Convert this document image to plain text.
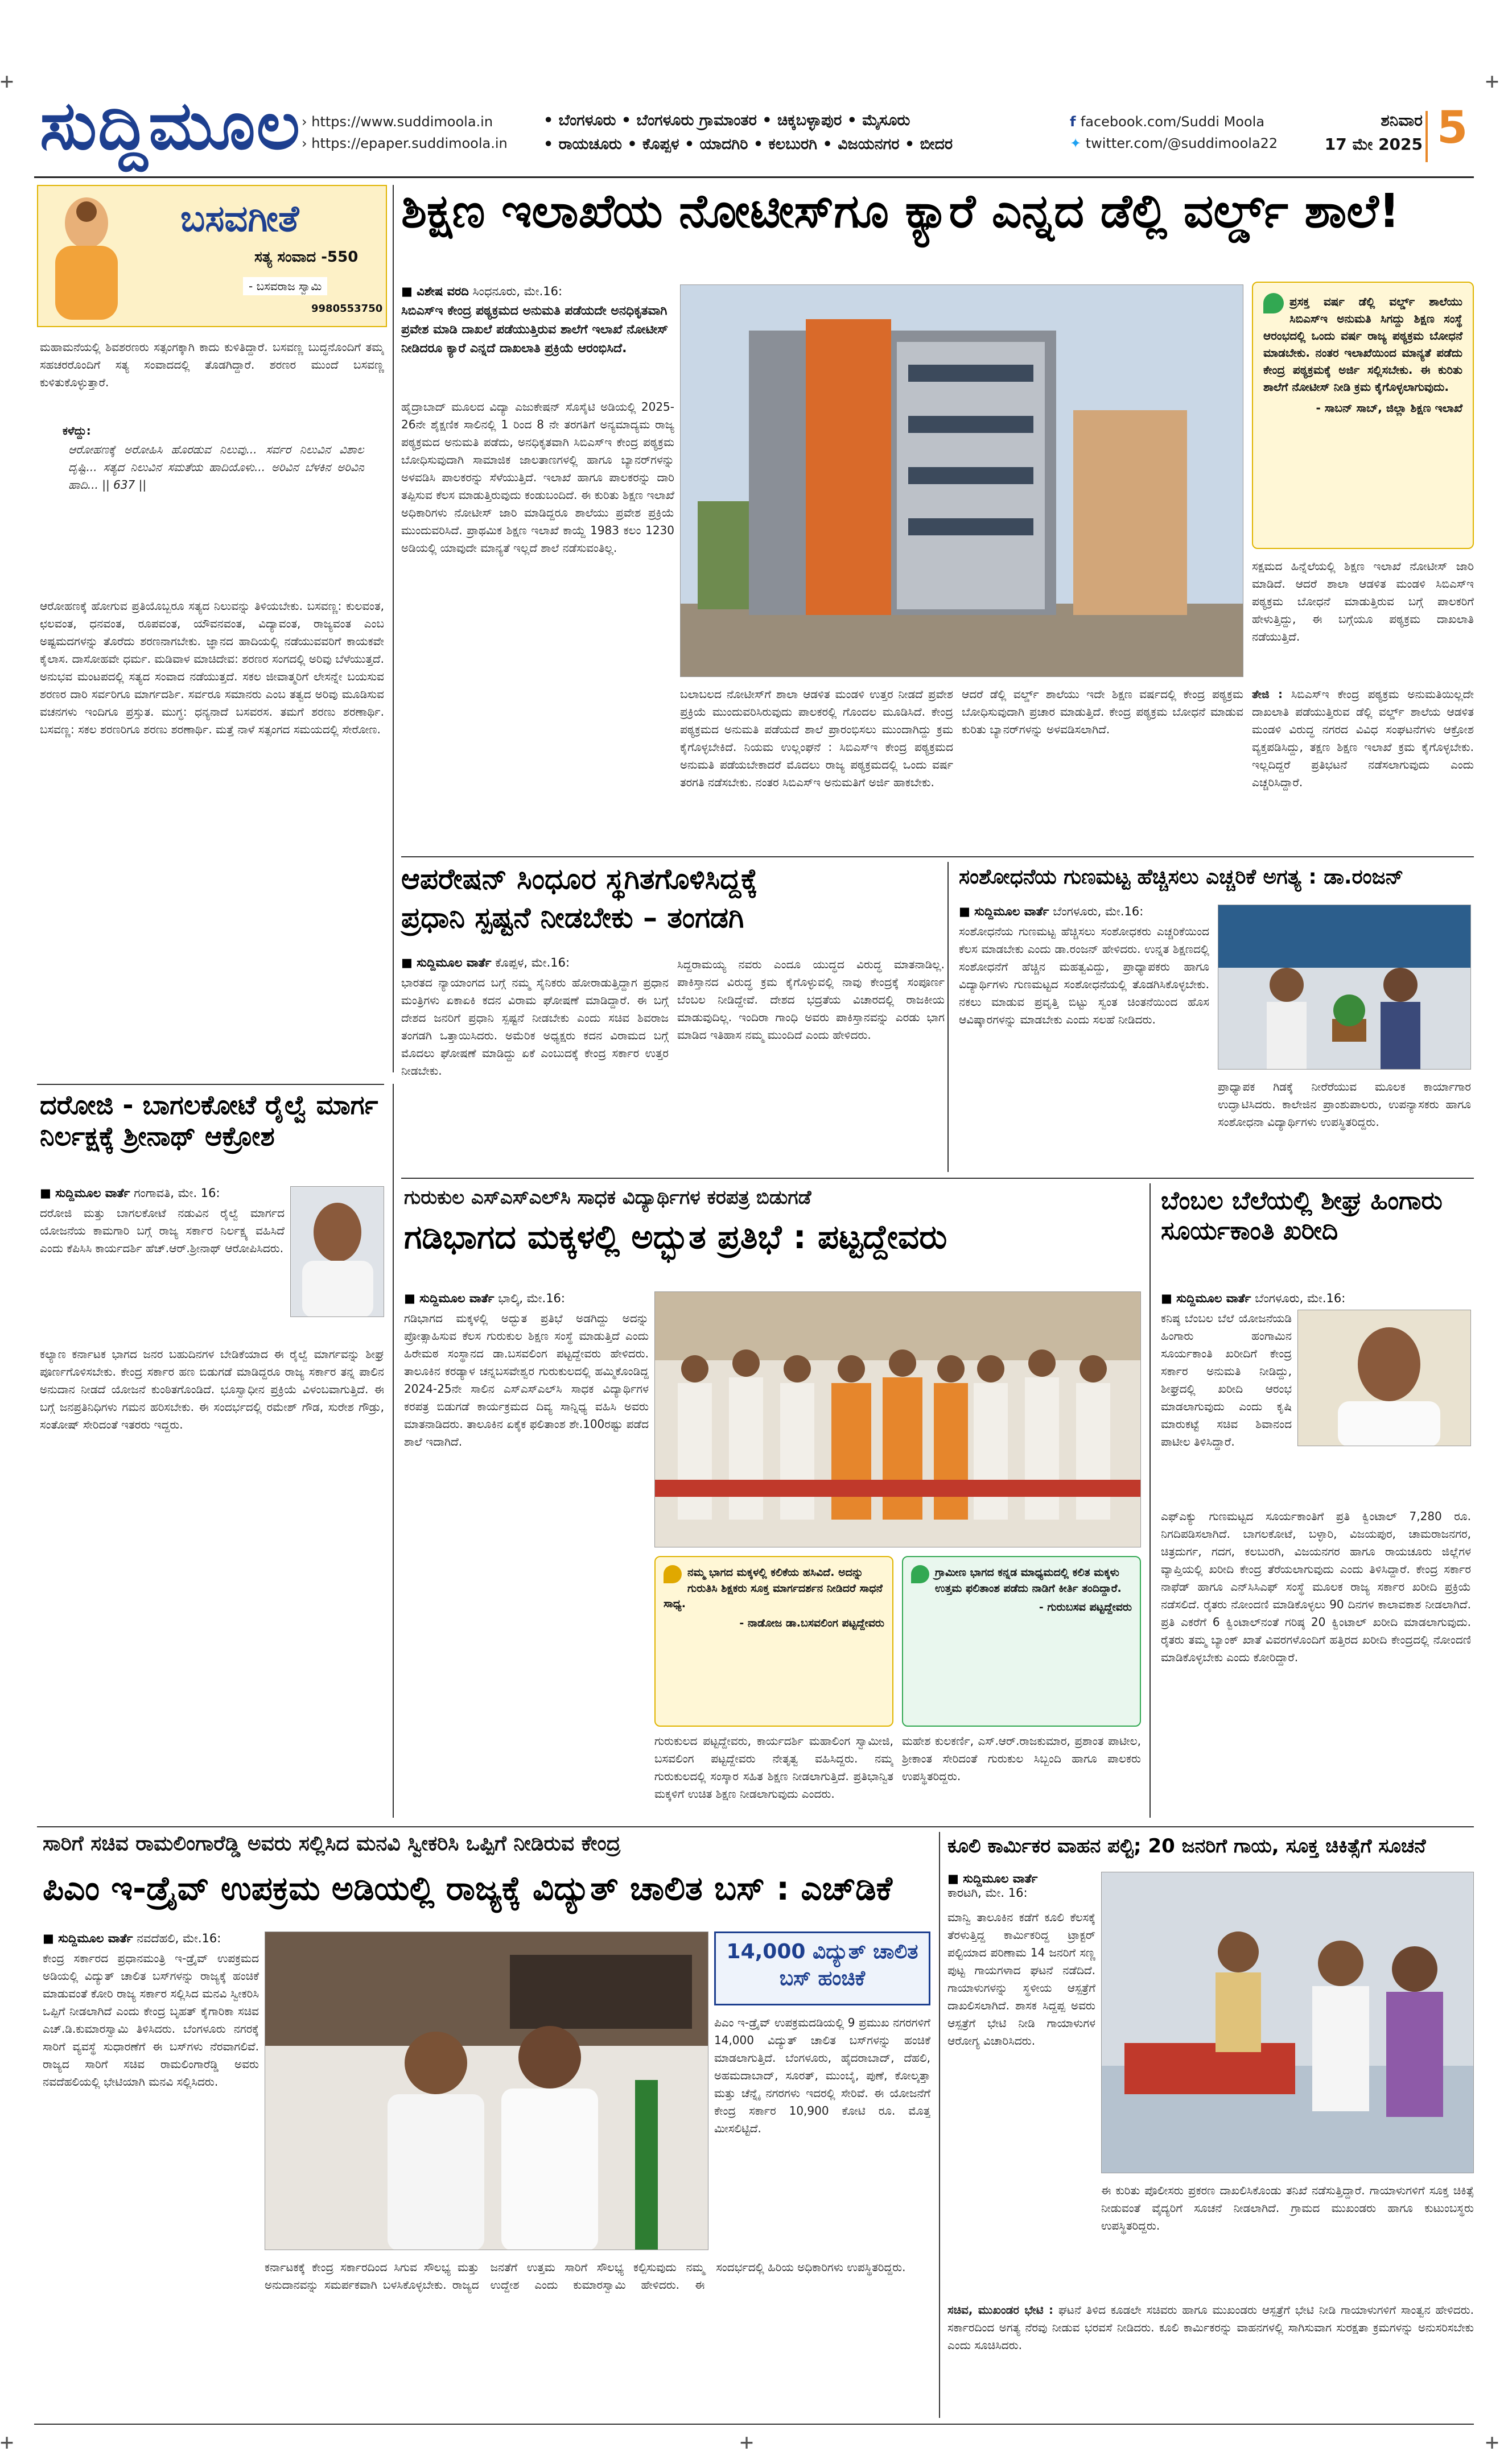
+	+
+	+
+
ಸುದ್ದಿಮೂಲ › https://www.suddimoola.in
› https://epaper.suddimoola.in
• ಬೆಂಗಳೂರು • ಬೆಂಗಳೂರು ಗ್ರಾಮಾಂತರ • ಚಿಕ್ಕಬಳ್ಳಾಪುರ • ಮೈಸೂರು
• ರಾಯಚೂರು • ಕೊಪ್ಪಳ • ಯಾದಗಿರಿ • ಕಲಬುರಗಿ • ವಿಜಯನಗರ • ಬೀದರ
f facebook.com/Suddi Moola
✦ twitter.com/@suddimoola22
ಶನಿವಾರ
17 ಮೇ 2025 5
ಬಸವಗೀತೆ
ಸತ್ಯ ಸಂವಾದ -550
- ಬಸವರಾಜ ಸ್ವಾಮಿ
9980553750
ಮಹಾಮನೆಯಲ್ಲಿ ಶಿವಶರಣರು ಸತ್ಸಂಗಕ್ಕಾಗಿ ಕಾದು ಕುಳಿತಿದ್ದಾರೆ. ಬಸವಣ್ಣ ಬುದ್ಧನೊಂದಿಗೆ ತಮ್ಮ ಸಹಚರರೊಂದಿಗೆ ಸತ್ಯ ಸಂವಾದದಲ್ಲಿ ತೊಡಗಿದ್ದಾರೆ. ಶರಣರ ಮುಂದೆ ಬಸವಣ್ಣ ಕುಳಿತುಕೊಳ್ಳುತ್ತಾರೆ.
ಕಳೆದ್ದು:
ಆರೋಹಣಕ್ಕೆ ಅರೋಹಿಸಿ ಹೊರಡುವ ನಿಲುವು... ಸರ್ವರ ನಿಲುವಿನ ವಿಶಾಲ ದೃಷ್ಟಿ... ಸತ್ಯದ ನಿಲುವಿನ ಸಮತೆಯ ಹಾದಿಯೊಳು... ಅರಿವಿನ ಬೆಳಕಿನ ಅರಿವಿನ ಹಾದಿ... || 637 ||
ಆರೋಹಣಕ್ಕೆ ಹೋಗುವ ಪ್ರತಿಯೊಬ್ಬರೂ ಸತ್ಯದ ನಿಲುವನ್ನು ತಿಳಿಯಬೇಕು. ಬಸವಣ್ಣ: ಕುಲವಂತ, ಛಲವಂತ, ಧನವಂತ, ರೂಪವಂತ, ಯೌವನವಂತ, ವಿದ್ಯಾವಂತ, ರಾಜ್ಯವಂತ ಎಂಬ ಅಷ್ಟಮದಗಳನ್ನು ತೊರೆದು ಶರಣನಾಗಬೇಕು. ಜ್ಞಾನದ ಹಾದಿಯಲ್ಲಿ ನಡೆಯುವವರಿಗೆ ಕಾಯಕವೇ ಕೈಲಾಸ. ದಾಸೋಹವೇ ಧರ್ಮ. ಮಡಿವಾಳ ಮಾಚಿದೇವ: ಶರಣರ ಸಂಗದಲ್ಲಿ ಅರಿವು ಬೆಳೆಯುತ್ತದೆ. ಅನುಭವ ಮಂಟಪದಲ್ಲಿ ಸತ್ಯದ ಸಂವಾದ ನಡೆಯುತ್ತದೆ. ಸಕಲ ಜೀವಾತ್ಮರಿಗೆ ಲೇಸನ್ನೇ ಬಯಸುವ ಶರಣರ ದಾರಿ ಸರ್ವರಿಗೂ ಮಾರ್ಗದರ್ಶಿ. ಸರ್ವರೂ ಸಮಾನರು ಎಂಬ ತತ್ವದ ಅರಿವು ಮೂಡಿಸುವ ವಚನಗಳು ಇಂದಿಗೂ ಪ್ರಸ್ತುತ. ಮುಗ್ಧ: ಧನ್ಯನಾದೆ ಬಸವರಸ. ತಮಗೆ ಶರಣು ಶರಣಾರ್ಥಿ. ಬಸವಣ್ಣ: ಸಕಲ ಶರಣರಿಗೂ ಶರಣು ಶರಣಾರ್ಥಿ. ಮತ್ತೆ ನಾಳೆ ಸತ್ಸಂಗದ ಸಮಯದಲ್ಲಿ ಸೇರೋಣ.
ಶಿಕ್ಷಣ ಇಲಾಖೆಯ ನೋಟೀಸ್‌ಗೂ ಕ್ಯಾರೆ ಎನ್ನದ ಡೆಲ್ಲಿ ವರ್ಲ್ಡ್ ಶಾಲೆ!
■ ವಿಶೇಷ ವರದಿ ಸಿಂಧನೂರು, ಮೇ.16:
ಸಿಬಿಎಸ್‌ಇ ಕೇಂದ್ರ ಪಠ್ಯಕ್ರಮದ ಅನುಮತಿ ಪಡೆಯದೇ ಅನಧಿಕೃತವಾಗಿ ಪ್ರವೇಶ ಮಾಡಿ ದಾಖಲೆ ಪಡೆಯುತ್ತಿರುವ ಶಾಲೆಗೆ ಇಲಾಖೆ ನೋಟೀಸ್ ನೀಡಿದರೂ ಕ್ಯಾರೆ ಎನ್ನದೆ ದಾಖಲಾತಿ ಪ್ರಕ್ರಿಯೆ ಆರಂಭಿಸಿದೆ.
ಹೈದ್ರಾಬಾದ್ ಮೂಲದ ವಿದ್ಯಾ ಎಜುಕೇಷನ್ ಸೊಸೈಟಿ ಅಡಿಯಲ್ಲಿ 2025-26ನೇ ಶೈಕ್ಷಣಿಕ ಸಾಲಿನಲ್ಲಿ 1 ರಿಂದ 8 ನೇ ತರಗತಿಗೆ ಅನ್ಯಮಾದ್ಯಮ ರಾಜ್ಯ ಪಠ್ಯಕ್ರಮದ ಅನುಮತಿ ಪಡೆದು, ಅನಧಿಕೃತವಾಗಿ ಸಿಬಿಎಸ್‌ಇ ಕೇಂದ್ರ ಪಠ್ಯಕ್ರಮ ಬೋಧಿಸುವುದಾಗಿ ಸಾಮಾಜಿಕ ಜಾಲತಾಣಗಳಲ್ಲಿ ಹಾಗೂ ಬ್ಯಾನರ್‌ಗಳನ್ನು ಅಳವಡಿಸಿ ಪಾಲಕರನ್ನು ಸೆಳೆಯುತ್ತಿದೆ. ಇಲಾಖೆ ಹಾಗೂ ಪಾಲಕರನ್ನು ದಾರಿ ತಪ್ಪಿಸುವ ಕೆಲಸ ಮಾಡುತ್ತಿರುವುದು ಕಂಡುಬಂದಿದೆ. ಈ ಕುರಿತು ಶಿಕ್ಷಣ ಇಲಾಖೆ ಅಧಿಕಾರಿಗಳು ನೋಟೀಸ್ ಜಾರಿ ಮಾಡಿದ್ದರೂ ಶಾಲೆಯು ಪ್ರವೇಶ ಪ್ರಕ್ರಿಯೆ ಮುಂದುವರಿಸಿದೆ. ಪ್ರಾಥಮಿಕ ಶಿಕ್ಷಣ ಇಲಾಖೆ ಕಾಯ್ದೆ 1983 ಕಲಂ 1230 ಅಡಿಯಲ್ಲಿ ಯಾವುದೇ ಮಾನ್ಯತೆ ಇಲ್ಲದೆ ಶಾಲೆ ನಡೆಸುವಂತಿಲ್ಲ.
ಬಲಾಬಲದ ನೋಟೀಸ್‌ಗೆ ಶಾಲಾ ಆಡಳಿತ ಮಂಡಳಿ ಉತ್ತರ ನೀಡದೆ ಪ್ರವೇಶ ಪ್ರಕ್ರಿಯೆ ಮುಂದುವರಿಸಿರುವುದು ಪಾಲಕರಲ್ಲಿ ಗೊಂದಲ ಮೂಡಿಸಿದೆ. ಕೇಂದ್ರ ಪಠ್ಯಕ್ರಮದ ಅನುಮತಿ ಪಡೆಯದೆ ಶಾಲೆ ಪ್ರಾರಂಭಿಸಲು ಮುಂದಾಗಿದ್ದು ಕ್ರಮ ಕೈಗೊಳ್ಳಬೇಕಿದೆ. ನಿಯಮ ಉಲ್ಲಂಘನೆ : ಸಿಬಿಎಸ್‌ಇ ಕೇಂದ್ರ ಪಠ್ಯಕ್ರಮದ ಅನುಮತಿ ಪಡೆಯಬೇಕಾದರೆ ಮೊದಲು ರಾಜ್ಯ ಪಠ್ಯಕ್ರಮದಲ್ಲಿ ಒಂದು ವರ್ಷ ತರಗತಿ ನಡೆಸಬೇಕು. ನಂತರ ಸಿಬಿಎಸ್‌ಇ ಅನುಮತಿಗೆ ಅರ್ಜಿ ಹಾಕಬೇಕು.
ಆದರೆ ಡೆಲ್ಲಿ ವರ್ಲ್ಡ್ ಶಾಲೆಯು ಇದೇ ಶಿಕ್ಷಣ ವರ್ಷದಲ್ಲಿ ಕೇಂದ್ರ ಪಠ್ಯಕ್ರಮ ಬೋಧಿಸುವುದಾಗಿ ಪ್ರಚಾರ ಮಾಡುತ್ತಿದೆ. ಕೇಂದ್ರ ಪಠ್ಯಕ್ರಮ ಬೋಧನೆ ಮಾಡುವ ಕುರಿತು ಬ್ಯಾನರ್‌ಗಳನ್ನು ಅಳವಡಿಸಲಾಗಿದೆ.
ಪ್ರಸಕ್ತ ವರ್ಷ ಡೆಲ್ಲಿ ವರ್ಲ್ಡ್ ಶಾಲೆಯು ಸಿಬಿಎಸ್‌ಇ ಅನುಮತಿ ಸಿಗದ್ದು ಶಿಕ್ಷಣ ಸಂಸ್ಥೆ ಆರಂಭದಲ್ಲಿ ಒಂದು ವರ್ಷ ರಾಜ್ಯ ಪಠ್ಯಕ್ರಮ ಬೋಧನೆ ಮಾಡಬೇಕು. ನಂತರ ಇಲಾಖೆಯಿಂದ ಮಾನ್ಯತೆ ಪಡೆದು ಕೇಂದ್ರ ಪಠ್ಯಕ್ರಮಕ್ಕೆ ಅರ್ಜಿ ಸಲ್ಲಿಸಬೇಕು. ಈ ಕುರಿತು ಶಾಲೆಗೆ ನೋಟೀಸ್ ನೀಡಿ ಕ್ರಮ ಕೈಗೊಳ್ಳಲಾಗುವುದು.
- ಸಾಬನ್ ಸಾಬ್, ಜಿಲ್ಲಾ ಶಿಕ್ಷಣ ಇಲಾಖೆ
ಸಕ್ಷಮದ ಹಿನ್ನೆಲೆಯಲ್ಲಿ ಶಿಕ್ಷಣ ಇಲಾಖೆ ನೋಟೀಸ್ ಜಾರಿ ಮಾಡಿದೆ. ಆದರೆ ಶಾಲಾ ಆಡಳಿತ ಮಂಡಳಿ ಸಿಬಿಎಸ್‌ಇ ಪಠ್ಯಕ್ರಮ ಬೋಧನೆ ಮಾಡುತ್ತಿರುವ ಬಗ್ಗೆ ಪಾಲಕರಿಗೆ ಹೇಳುತ್ತಿದ್ದು, ಈ ಬಗ್ಗೆಯೂ ಪಠ್ಯಕ್ರಮ ದಾಖಲಾತಿ ನಡೆಯುತ್ತಿದೆ.
ತೇಜಿ : ಸಿಬಿಎಸ್‌ಇ ಕೇಂದ್ರ ಪಠ್ಯಕ್ರಮ ಅನುಮತಿಯಿಲ್ಲದೇ ದಾಖಲಾತಿ ಪಡೆಯುತ್ತಿರುವ ಡೆಲ್ಲಿ ವರ್ಲ್ಡ್ ಶಾಲೆಯ ಆಡಳಿತ ಮಂಡಳಿ ವಿರುದ್ಧ ನಗರದ ವಿವಿಧ ಸಂಘಟನೆಗಳು ಆಕ್ರೋಶ ವ್ಯಕ್ತಪಡಿಸಿದ್ದು, ತಕ್ಷಣ ಶಿಕ್ಷಣ ಇಲಾಖೆ ಕ್ರಮ ಕೈಗೊಳ್ಳಬೇಕು. ಇಲ್ಲದಿದ್ದರೆ ಪ್ರತಿಭಟನೆ ನಡೆಸಲಾಗುವುದು ಎಂದು ಎಚ್ಚರಿಸಿದ್ದಾರೆ.
ಆಪರೇಷನ್ ಸಿಂಧೂರ ಸ್ಥಗಿತಗೊಳಿಸಿದ್ದಕ್ಕೆ
ಪ್ರಧಾನಿ ಸ್ಪಷ್ಟನೆ ನೀಡಬೇಕು – ತಂಗಡಗಿ
■ ಸುದ್ದಿಮೂಲ ವಾರ್ತೆ ಕೊಪ್ಪಳ, ಮೇ.16:
ಭಾರತದ ನ್ಯಾಯಾಂಗದ ಬಗ್ಗೆ ನಮ್ಮ ಸೈನಿಕರು ಹೋರಾಡುತ್ತಿದ್ದಾಗ ಪ್ರಧಾನ ಮಂತ್ರಿಗಳು ಏಕಾಏಕಿ ಕದನ ವಿರಾಮ ಘೋಷಣೆ ಮಾಡಿದ್ದಾರೆ. ಈ ಬಗ್ಗೆ ದೇಶದ ಜನರಿಗೆ ಪ್ರಧಾನಿ ಸ್ಪಷ್ಟನೆ ನೀಡಬೇಕು ಎಂದು ಸಚಿವ ಶಿವರಾಜ ತಂಗಡಗಿ ಒತ್ತಾಯಿಸಿದರು. ಅಮೆರಿಕ ಅಧ್ಯಕ್ಷರು ಕದನ ವಿರಾಮದ ಬಗ್ಗೆ ಮೊದಲು ಘೋಷಣೆ ಮಾಡಿದ್ದು ಏಕೆ ಎಂಬುದಕ್ಕೆ ಕೇಂದ್ರ ಸರ್ಕಾರ ಉತ್ತರ ನೀಡಬೇಕು.
ಸಿದ್ದರಾಮಯ್ಯ ನವರು ಎಂದೂ ಯುದ್ಧದ ವಿರುದ್ಧ ಮಾತನಾಡಿಲ್ಲ. ಪಾಕಿಸ್ತಾನದ ವಿರುದ್ಧ ಕ್ರಮ ಕೈಗೊಳ್ಳುವಲ್ಲಿ ನಾವು ಕೇಂದ್ರಕ್ಕೆ ಸಂಪೂರ್ಣ ಬೆಂಬಲ ನೀಡಿದ್ದೇವೆ. ದೇಶದ ಭದ್ರತೆಯ ವಿಚಾರದಲ್ಲಿ ರಾಜಕೀಯ ಮಾಡುವುದಿಲ್ಲ. ಇಂದಿರಾ ಗಾಂಧಿ ಅವರು ಪಾಕಿಸ್ತಾನವನ್ನು ಎರಡು ಭಾಗ ಮಾಡಿದ ಇತಿಹಾಸ ನಮ್ಮ ಮುಂದಿದೆ ಎಂದು ಹೇಳಿದರು.
ಸಂಶೋಧನೆಯ ಗುಣಮಟ್ಟ ಹೆಚ್ಚಿಸಲು ಎಚ್ಚರಿಕೆ ಅಗತ್ಯ : ಡಾ.ರಂಜನ್
■ ಸುದ್ದಿಮೂಲ ವಾರ್ತೆ ಬೆಂಗಳೂರು, ಮೇ.16:
ಸಂಶೋಧನೆಯ ಗುಣಮಟ್ಟ ಹೆಚ್ಚಿಸಲು ಸಂಶೋಧಕರು ಎಚ್ಚರಿಕೆಯಿಂದ ಕೆಲಸ ಮಾಡಬೇಕು ಎಂದು ಡಾ.ರಂಜನ್ ಹೇಳಿದರು. ಉನ್ನತ ಶಿಕ್ಷಣದಲ್ಲಿ ಸಂಶೋಧನೆಗೆ ಹೆಚ್ಚಿನ ಮಹತ್ವವಿದ್ದು, ಪ್ರಾಧ್ಯಾಪಕರು ಹಾಗೂ ವಿದ್ಯಾರ್ಥಿಗಳು ಗುಣಮಟ್ಟದ ಸಂಶೋಧನೆಯಲ್ಲಿ ತೊಡಗಿಸಿಕೊಳ್ಳಬೇಕು. ನಕಲು ಮಾಡುವ ಪ್ರವೃತ್ತಿ ಬಿಟ್ಟು ಸ್ವಂತ ಚಿಂತನೆಯಿಂದ ಹೊಸ ಆವಿಷ್ಕಾರಗಳನ್ನು ಮಾಡಬೇಕು ಎಂದು ಸಲಹೆ ನೀಡಿದರು.
ಪ್ರಾಧ್ಯಾಪಕ ಗಿಡಕ್ಕೆ ನೀರೆರೆಯುವ ಮೂಲಕ ಕಾರ್ಯಾಗಾರ ಉದ್ಘಾಟಿಸಿದರು. ಕಾಲೇಜಿನ ಪ್ರಾಂಶುಪಾಲರು, ಉಪನ್ಯಾಸಕರು ಹಾಗೂ ಸಂಶೋಧನಾ ವಿದ್ಯಾರ್ಥಿಗಳು ಉಪಸ್ಥಿತರಿದ್ದರು.
ದರೋಜಿ - ಬಾಗಲಕೋಟೆ ರೈಲ್ವೆ ಮಾರ್ಗ ನಿರ್ಲಕ್ಷಕ್ಕೆ ಶ್ರೀನಾಥ್ ಆಕ್ರೋಶ
■ ಸುದ್ದಿಮೂಲ ವಾರ್ತೆ ಗಂಗಾವತಿ, ಮೇ. 16:
ದರೋಜಿ ಮತ್ತು ಬಾಗಲಕೋಟೆ ನಡುವಿನ ರೈಲ್ವೆ ಮಾರ್ಗದ ಯೋಜನೆಯ ಕಾಮಗಾರಿ ಬಗ್ಗೆ ರಾಜ್ಯ ಸರ್ಕಾರ ನಿರ್ಲಕ್ಷ್ಯ ವಹಿಸಿದೆ ಎಂದು ಕೆಪಿಸಿಸಿ ಕಾರ್ಯದರ್ಶಿ ಹೆಚ್.ಆರ್.ಶ್ರೀನಾಥ್ ಆರೋಪಿಸಿದರು.
ಕಲ್ಯಾಣ ಕರ್ನಾಟಕ ಭಾಗದ ಜನರ ಬಹುದಿನಗಳ ಬೇಡಿಕೆಯಾದ ಈ ರೈಲ್ವೆ ಮಾರ್ಗವನ್ನು ಶೀಘ್ರ ಪೂರ್ಣಗೊಳಿಸಬೇಕು. ಕೇಂದ್ರ ಸರ್ಕಾರ ಹಣ ಬಿಡುಗಡೆ ಮಾಡಿದ್ದರೂ ರಾಜ್ಯ ಸರ್ಕಾರ ತನ್ನ ಪಾಲಿನ ಅನುದಾನ ನೀಡದೆ ಯೋಜನೆ ಕುಂಠಿತಗೊಂಡಿದೆ. ಭೂಸ್ವಾಧೀನ ಪ್ರಕ್ರಿಯೆ ವಿಳಂಬವಾಗುತ್ತಿದೆ. ಈ ಬಗ್ಗೆ ಜನಪ್ರತಿನಿಧಿಗಳು ಗಮನ ಹರಿಸಬೇಕು. ಈ ಸಂದರ್ಭದಲ್ಲಿ ರಮೇಶ್ ಗೌಡ, ಸುರೇಶ ಗೌಡ್ರು, ಸಂತೋಷ್ ಸೇರಿದಂತೆ ಇತರರು ಇದ್ದರು.
ಗುರುಕುಲ ಎಸ್‌ಎಸ್‌ಎಲ್‌ಸಿ ಸಾಧಕ ವಿದ್ಯಾರ್ಥಿಗಳ ಕರಪತ್ರ ಬಿಡುಗಡೆ
ಗಡಿಭಾಗದ ಮಕ್ಕಳಲ್ಲಿ ಅದ್ಭುತ ಪ್ರತಿಭೆ : ಪಟ್ಟದ್ದೇವರು
■ ಸುದ್ದಿಮೂಲ ವಾರ್ತೆ ಭಾಲ್ಕಿ, ಮೇ.16:
ಗಡಿಭಾಗದ ಮಕ್ಕಳಲ್ಲಿ ಅದ್ಭುತ ಪ್ರತಿಭೆ ಅಡಗಿದ್ದು ಅದನ್ನು ಪ್ರೋತ್ಸಾಹಿಸುವ ಕೆಲಸ ಗುರುಕುಲ ಶಿಕ್ಷಣ ಸಂಸ್ಥೆ ಮಾಡುತ್ತಿದೆ ಎಂದು ಹಿರೇಮಠ ಸಂಸ್ಥಾನದ ಡಾ.ಬಸವಲಿಂಗ ಪಟ್ಟದ್ದೇವರು ಹೇಳಿದರು. ತಾಲೂಕಿನ ಕರಡ್ಯಾಳ ಚನ್ನಬಸವೇಶ್ವರ ಗುರುಕುಲದಲ್ಲಿ ಹಮ್ಮಿಕೊಂಡಿದ್ದ 2024-25ನೇ ಸಾಲಿನ ಎಸ್‌ಎಸ್‌ಎಲ್‌ಸಿ ಸಾಧಕ ವಿದ್ಯಾರ್ಥಿಗಳ ಕರಪತ್ರ ಬಿಡುಗಡೆ ಕಾರ್ಯಕ್ರಮದ ದಿವ್ಯ ಸಾನ್ನಿಧ್ಯ ವಹಿಸಿ ಅವರು ಮಾತನಾಡಿದರು. ತಾಲೂಕಿನ ಏಕೈಕ ಫಲಿತಾಂಶ ಶೇ.100ರಷ್ಟು ಪಡೆದ ಶಾಲೆ ಇದಾಗಿದೆ.
ನಮ್ಮ ಭಾಗದ ಮಕ್ಕಳಲ್ಲಿ ಕಲಿಕೆಯ ಹಸಿವಿದೆ. ಅದನ್ನು ಗುರುತಿಸಿ ಶಿಕ್ಷಕರು ಸೂಕ್ತ ಮಾರ್ಗದರ್ಶನ ನೀಡಿದರೆ ಸಾಧನೆ ಸಾಧ್ಯ.
- ನಾಡೋಜ ಡಾ.ಬಸವಲಿಂಗ ಪಟ್ಟದ್ದೇವರು
ಗ್ರಾಮೀಣ ಭಾಗದ ಕನ್ನಡ ಮಾಧ್ಯಮದಲ್ಲಿ ಕಲಿತ ಮಕ್ಕಳು ಉತ್ತಮ ಫಲಿತಾಂಶ ಪಡೆದು ನಾಡಿಗೆ ಕೀರ್ತಿ ತಂದಿದ್ದಾರೆ.
- ಗುರುಬಸವ ಪಟ್ಟದ್ದೇವರು
ಗುರುಕುಲದ ಪಟ್ಟದ್ದೇವರು, ಕಾರ್ಯದರ್ಶಿ ಮಹಾಲಿಂಗ ಸ್ವಾಮೀಜಿ, ಬಸವಲಿಂಗ ಪಟ್ಟದ್ದೇವರು ನೇತೃತ್ವ ವಹಿಸಿದ್ದರು. ನಮ್ಮ ಗುರುಕುಲದಲ್ಲಿ ಸಂಸ್ಕಾರ ಸಹಿತ ಶಿಕ್ಷಣ ನೀಡಲಾಗುತ್ತಿದೆ. ಪ್ರತಿಭಾನ್ವಿತ ಮಕ್ಕಳಿಗೆ ಉಚಿತ ಶಿಕ್ಷಣ ನೀಡಲಾಗುವುದು ಎಂದರು.
ಮಹೇಶ ಕುಲಕರ್ಣಿ, ಎಸ್.ಆರ್.ರಾಜಕುಮಾರ, ಪ್ರಶಾಂತ ಪಾಟೀಲ, ಶ್ರೀಕಾಂತ ಸೇರಿದಂತೆ ಗುರುಕುಲ ಸಿಬ್ಬಂದಿ ಹಾಗೂ ಪಾಲಕರು ಉಪಸ್ಥಿತರಿದ್ದರು.
ಬೆಂಬಲ ಬೆಲೆಯಲ್ಲಿ ಶೀಘ್ರ ಹಿಂಗಾರು ಸೂರ್ಯಕಾಂತಿ ಖರೀದಿ
■ ಸುದ್ದಿಮೂಲ ವಾರ್ತೆ ಬೆಂಗಳೂರು, ಮೇ.16:
ಕನಿಷ್ಠ ಬೆಂಬಲ ಬೆಲೆ ಯೋಜನೆಯಡಿ ಹಿಂಗಾರು ಹಂಗಾಮಿನ ಸೂರ್ಯಕಾಂತಿ ಖರೀದಿಗೆ ಕೇಂದ್ರ ಸರ್ಕಾರ ಅನುಮತಿ ನೀಡಿದ್ದು, ಶೀಘ್ರದಲ್ಲಿ ಖರೀದಿ ಆರಂಭ ಮಾಡಲಾಗುವುದು ಎಂದು ಕೃಷಿ ಮಾರುಕಟ್ಟೆ ಸಚಿವ ಶಿವಾನಂದ ಪಾಟೀಲ ತಿಳಿಸಿದ್ದಾರೆ.
ಎಫ್‌ಎಕ್ಯು ಗುಣಮಟ್ಟದ ಸೂರ್ಯಕಾಂತಿಗೆ ಪ್ರತಿ ಕ್ವಿಂಟಾಲ್ 7,280 ರೂ. ನಿಗದಿಪಡಿಸಲಾಗಿದೆ. ಬಾಗಲಕೋಟೆ, ಬಳ್ಳಾರಿ, ವಿಜಯಪುರ, ಚಾಮರಾಜನಗರ, ಚಿತ್ರದುರ್ಗ, ಗದಗ, ಕಲಬುರಗಿ, ವಿಜಯನಗರ ಹಾಗೂ ರಾಯಚೂರು ಜಿಲ್ಲೆಗಳ ವ್ಯಾಪ್ತಿಯಲ್ಲಿ ಖರೀದಿ ಕೇಂದ್ರ ತೆರೆಯಲಾಗುವುದು ಎಂದು ತಿಳಿಸಿದ್ದಾರೆ. ಕೇಂದ್ರ ಸರ್ಕಾರ ನಾಫೆಡ್ ಹಾಗೂ ಎನ್‌ಸಿಸಿಎಫ್ ಸಂಸ್ಥೆ ಮೂಲಕ ರಾಜ್ಯ ಸರ್ಕಾರ ಖರೀದಿ ಪ್ರಕ್ರಿಯೆ ನಡೆಸಲಿದೆ. ರೈತರು ನೋಂದಣಿ ಮಾಡಿಕೊಳ್ಳಲು 90 ದಿನಗಳ ಕಾಲಾವಕಾಶ ನೀಡಲಾಗಿದೆ. ಪ್ರತಿ ಎಕರೆಗೆ 6 ಕ್ವಿಂಟಾಲ್‌ನಂತೆ ಗರಿಷ್ಠ 20 ಕ್ವಿಂಟಾಲ್ ಖರೀದಿ ಮಾಡಲಾಗುವುದು. ರೈತರು ತಮ್ಮ ಬ್ಯಾಂಕ್ ಖಾತೆ ವಿವರಗಳೊಂದಿಗೆ ಹತ್ತಿರದ ಖರೀದಿ ಕೇಂದ್ರದಲ್ಲಿ ನೋಂದಣಿ ಮಾಡಿಕೊಳ್ಳಬೇಕು ಎಂದು ಕೋರಿದ್ದಾರೆ.
ಸಾರಿಗೆ ಸಚಿವ ರಾಮಲಿಂಗಾರೆಡ್ಡಿ ಅವರು ಸಲ್ಲಿಸಿದ ಮನವಿ ಸ್ವೀಕರಿಸಿ ಒಪ್ಪಿಗೆ ನೀಡಿರುವ ಕೇಂದ್ರ
ಪಿಎಂ ಇ-ಡ್ರೈವ್ ಉಪಕ್ರಮ ಅಡಿಯಲ್ಲಿ ರಾಜ್ಯಕ್ಕೆ ವಿದ್ಯುತ್ ಚಾಲಿತ ಬಸ್ : ಎಚ್‌ಡಿಕೆ
■ ಸುದ್ದಿಮೂಲ ವಾರ್ತೆ ನವದೆಹಲಿ, ಮೇ.16:
ಕೇಂದ್ರ ಸರ್ಕಾರದ ಪ್ರಧಾನಮಂತ್ರಿ ಇ-ಡ್ರೈವ್ ಉಪಕ್ರಮದ ಅಡಿಯಲ್ಲಿ ವಿದ್ಯುತ್ ಚಾಲಿತ ಬಸ್‌ಗಳನ್ನು ರಾಜ್ಯಕ್ಕೆ ಹಂಚಿಕೆ ಮಾಡುವಂತೆ ಕೋರಿ ರಾಜ್ಯ ಸರ್ಕಾರ ಸಲ್ಲಿಸಿದ ಮನವಿ ಸ್ವೀಕರಿಸಿ ಒಪ್ಪಿಗೆ ನೀಡಲಾಗಿದೆ ಎಂದು ಕೇಂದ್ರ ಬೃಹತ್ ಕೈಗಾರಿಕಾ ಸಚಿವ ಎಚ್.ಡಿ.ಕುಮಾರಸ್ವಾಮಿ ತಿಳಿಸಿದರು. ಬೆಂಗಳೂರು ನಗರಕ್ಕೆ ಸಾರಿಗೆ ವ್ಯವಸ್ಥೆ ಸುಧಾರಣೆಗೆ ಈ ಬಸ್‌ಗಳು ನೆರವಾಗಲಿವೆ. ರಾಜ್ಯದ ಸಾರಿಗೆ ಸಚಿವ ರಾಮಲಿಂಗಾರೆಡ್ಡಿ ಅವರು ನವದೆಹಲಿಯಲ್ಲಿ ಭೇಟಿಯಾಗಿ ಮನವಿ ಸಲ್ಲಿಸಿದರು.
14,000 ವಿದ್ಯುತ್ ಚಾಲಿತ ಬಸ್ ಹಂಚಿಕೆ
ಪಿಎಂ ಇ-ಡ್ರೈವ್ ಉಪಕ್ರಮದಡಿಯಲ್ಲಿ 9 ಪ್ರಮುಖ ನಗರಗಳಿಗೆ 14,000 ವಿದ್ಯುತ್ ಚಾಲಿತ ಬಸ್‌ಗಳನ್ನು ಹಂಚಿಕೆ ಮಾಡಲಾಗುತ್ತಿದೆ. ಬೆಂಗಳೂರು, ಹೈದರಾಬಾದ್, ದೆಹಲಿ, ಅಹಮದಾಬಾದ್, ಸೂರತ್, ಮುಂಬೈ, ಪುಣೆ, ಕೋಲ್ಕತ್ತಾ ಮತ್ತು ಚೆನ್ನೈ ನಗರಗಳು ಇದರಲ್ಲಿ ಸೇರಿವೆ. ಈ ಯೋಜನೆಗೆ ಕೇಂದ್ರ ಸರ್ಕಾರ 10,900 ಕೋಟಿ ರೂ. ಮೊತ್ತ ಮೀಸಲಿಟ್ಟಿದೆ.
ಕರ್ನಾಟಕಕ್ಕೆ ಕೇಂದ್ರ ಸರ್ಕಾರದಿಂದ ಸಿಗುವ ಸೌಲಭ್ಯ ಮತ್ತು ಅನುದಾನವನ್ನು ಸಮರ್ಪಕವಾಗಿ ಬಳಸಿಕೊಳ್ಳಬೇಕು. ರಾಜ್ಯದ ಜನತೆಗೆ ಉತ್ತಮ ಸಾರಿಗೆ ಸೌಲಭ್ಯ ಕಲ್ಪಿಸುವುದು ನಮ್ಮ ಉದ್ದೇಶ ಎಂದು ಕುಮಾರಸ್ವಾಮಿ ಹೇಳಿದರು. ಈ ಸಂದರ್ಭದಲ್ಲಿ ಹಿರಿಯ ಅಧಿಕಾರಿಗಳು ಉಪಸ್ಥಿತರಿದ್ದರು.
ಕೂಲಿ ಕಾರ್ಮಿಕರ ವಾಹನ ಪಲ್ಟಿ; 20 ಜನರಿಗೆ ಗಾಯ, ಸೂಕ್ತ ಚಿಕಿತ್ಸೆಗೆ ಸೂಚನೆ
■ ಸುದ್ದಿಮೂಲ ವಾರ್ತೆ
ಕಾರಟಗಿ, ಮೇ. 16:
ಮಾನ್ವಿ ತಾಲೂಕಿನ ಕಡೆಗೆ ಕೂಲಿ ಕೆಲಸಕ್ಕೆ ತೆರಳುತ್ತಿದ್ದ ಕಾರ್ಮಿಕರಿದ್ದ ಟ್ರಾಕ್ಟರ್ ಪಲ್ಟಿಯಾದ ಪರಿಣಾಮ 14 ಜನರಿಗೆ ಸಣ್ಣ ಪುಟ್ಟ ಗಾಯಗಳಾದ ಘಟನೆ ನಡೆದಿದೆ. ಗಾಯಾಳುಗಳನ್ನು ಸ್ಥಳೀಯ ಆಸ್ಪತ್ರೆಗೆ ದಾಖಲಿಸಲಾಗಿದೆ. ಶಾಸಕ ಸಿದ್ದಪ್ಪ ಅವರು ಆಸ್ಪತ್ರೆಗೆ ಭೇಟಿ ನೀಡಿ ಗಾಯಾಳುಗಳ ಆರೋಗ್ಯ ವಿಚಾರಿಸಿದರು.
ಈ ಕುರಿತು ಪೊಲೀಸರು ಪ್ರಕರಣ ದಾಖಲಿಸಿಕೊಂಡು ತನಿಖೆ ನಡೆಸುತ್ತಿದ್ದಾರೆ. ಗಾಯಾಳುಗಳಿಗೆ ಸೂಕ್ತ ಚಿಕಿತ್ಸೆ ನೀಡುವಂತೆ ವೈದ್ಯರಿಗೆ ಸೂಚನೆ ನೀಡಲಾಗಿದೆ. ಗ್ರಾಮದ ಮುಖಂಡರು ಹಾಗೂ ಕುಟುಂಬಸ್ಥರು ಉಪಸ್ಥಿತರಿದ್ದರು.
ಸಚಿವ, ಮುಖಂಡರ ಭೇಟಿ : ಘಟನೆ ತಿಳಿದ ಕೂಡಲೇ ಸಚಿವರು ಹಾಗೂ ಮುಖಂಡರು ಆಸ್ಪತ್ರೆಗೆ ಭೇಟಿ ನೀಡಿ ಗಾಯಾಳುಗಳಿಗೆ ಸಾಂತ್ವನ ಹೇಳಿದರು. ಸರ್ಕಾರದಿಂದ ಅಗತ್ಯ ನೆರವು ನೀಡುವ ಭರವಸೆ ನೀಡಿದರು. ಕೂಲಿ ಕಾರ್ಮಿಕರನ್ನು ವಾಹನಗಳಲ್ಲಿ ಸಾಗಿಸುವಾಗ ಸುರಕ್ಷತಾ ಕ್ರಮಗಳನ್ನು ಅನುಸರಿಸಬೇಕು ಎಂದು ಸೂಚಿಸಿದರು.
